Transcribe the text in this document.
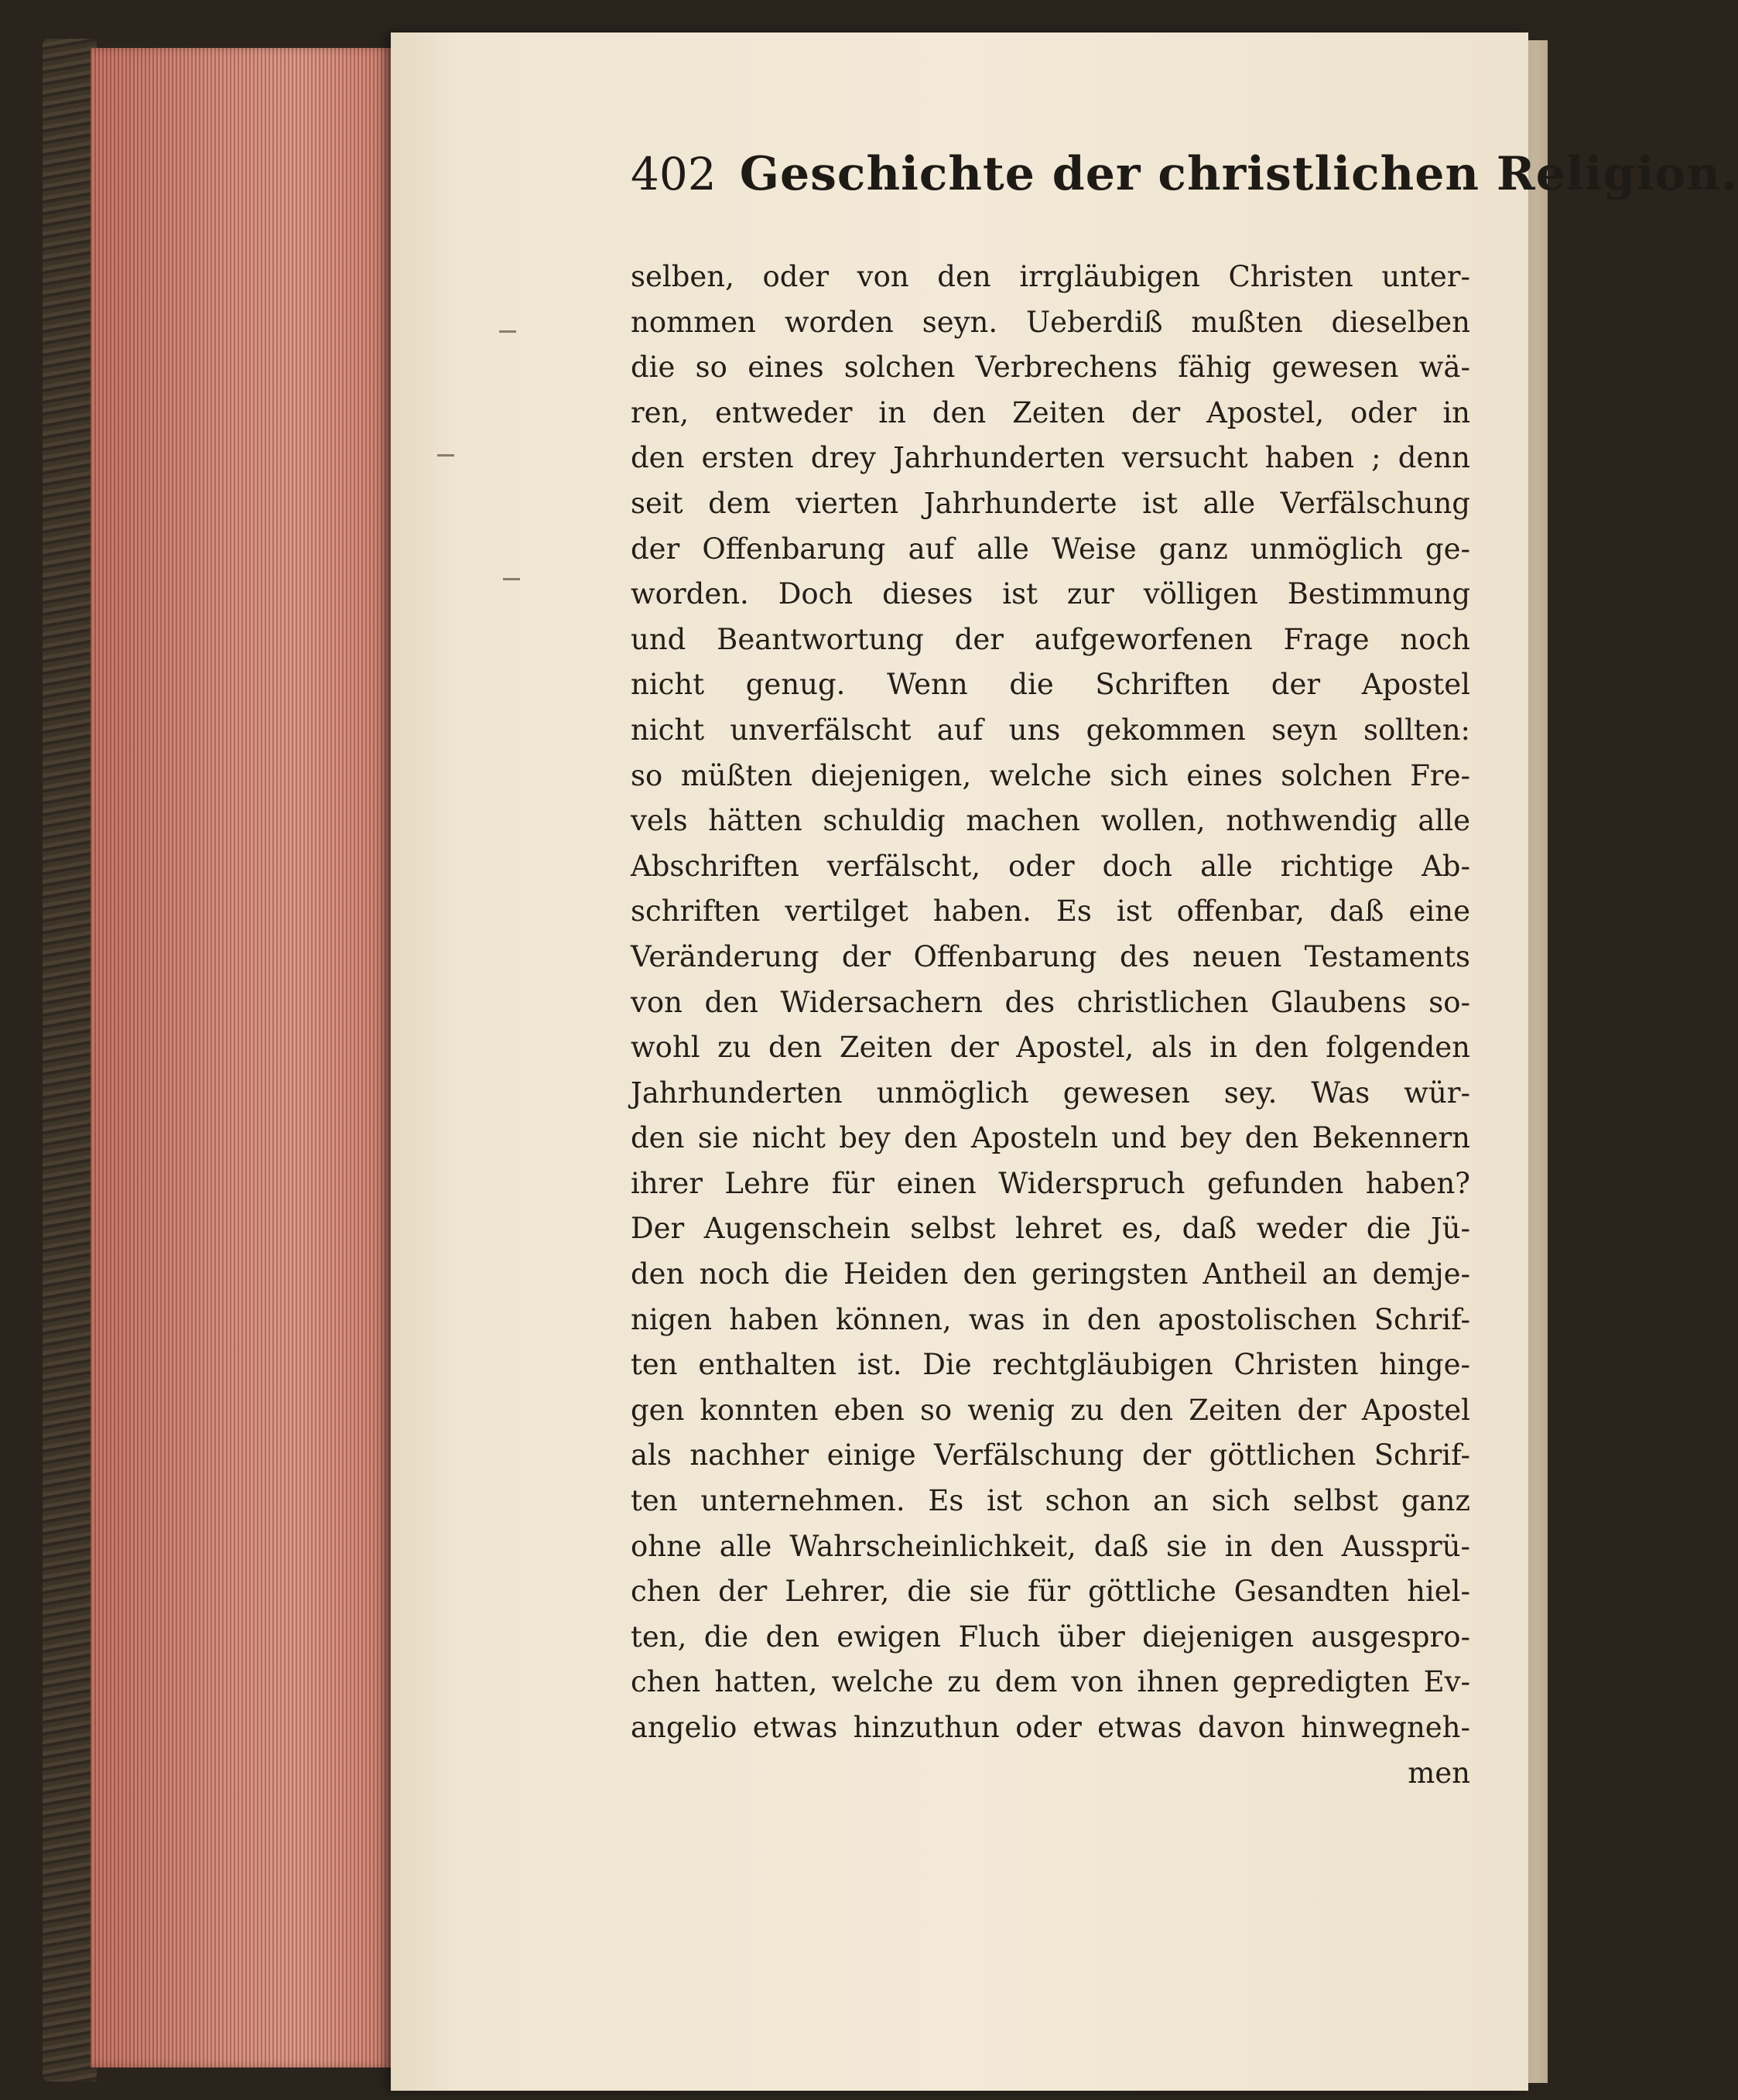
402 Geschichte der christlichen Religion.
selben, oder von den irrgläubigen Christen unter-
nommen worden seyn. Ueberdiß mußten dieselben
die so eines solchen Verbrechens fähig gewesen wä-
ren, entweder in den Zeiten der Apostel, oder in
den ersten drey Jahrhunderten versucht haben ; denn
seit dem vierten Jahrhunderte ist alle Verfälschung
der Offenbarung auf alle Weise ganz unmöglich ge-
worden. Doch dieses ist zur völligen Bestimmung
und Beantwortung der aufgeworfenen Frage noch
nicht genug. Wenn die Schriften der Apostel
nicht unverfälscht auf uns gekommen seyn sollten:
so müßten diejenigen, welche sich eines solchen Fre-
vels hätten schuldig machen wollen, nothwendig alle
Abschriften verfälscht, oder doch alle richtige Ab-
schriften vertilget haben. Es ist offenbar, daß eine
Veränderung der Offenbarung des neuen Testaments
von den Widersachern des christlichen Glaubens so-
wohl zu den Zeiten der Apostel, als in den folgenden
Jahrhunderten unmöglich gewesen sey. Was wür-
den sie nicht bey den Aposteln und bey den Bekennern
ihrer Lehre für einen Widerspruch gefunden haben?
Der Augenschein selbst lehret es, daß weder die Jü-
den noch die Heiden den geringsten Antheil an demje-
nigen haben können, was in den apostolischen Schrif-
ten enthalten ist. Die rechtgläubigen Christen hinge-
gen konnten eben so wenig zu den Zeiten der Apostel
als nachher einige Verfälschung der göttlichen Schrif-
ten unternehmen. Es ist schon an sich selbst ganz
ohne alle Wahrscheinlichkeit, daß sie in den Aussprü-
chen der Lehrer, die sie für göttliche Gesandten hiel-
ten, die den ewigen Fluch über diejenigen ausgespro-
chen hatten, welche zu dem von ihnen gepredigten Ev-
angelio etwas hinzuthun oder etwas davon hinwegneh-
men
